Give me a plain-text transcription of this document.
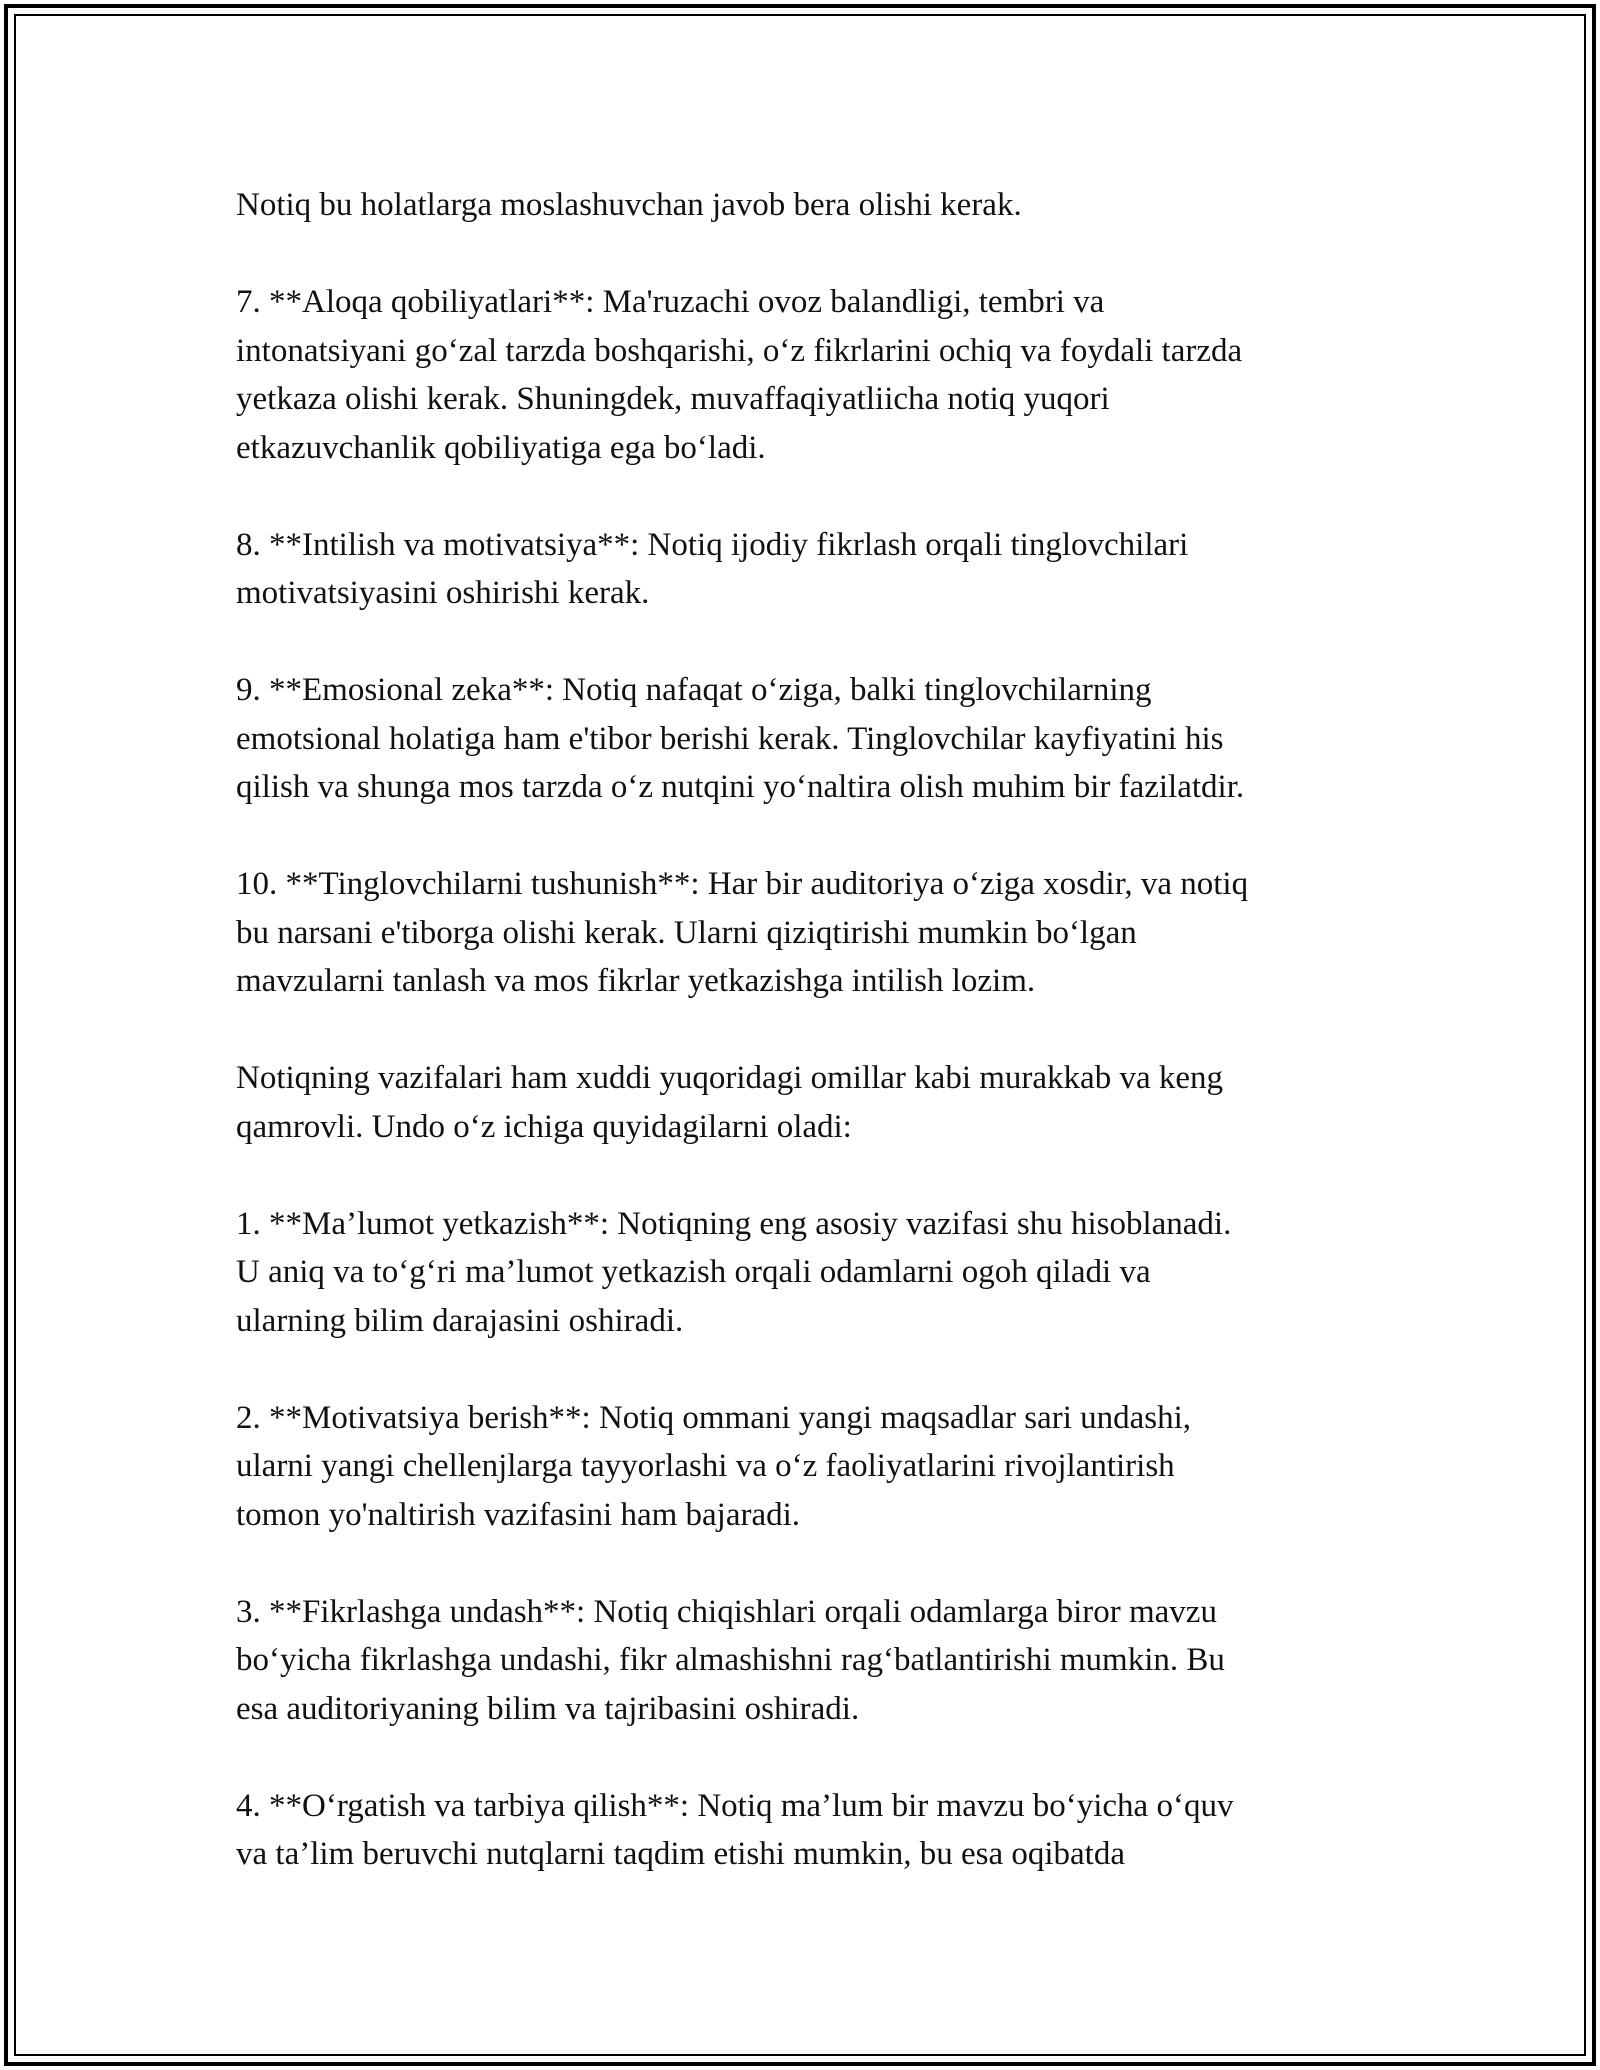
Notiq bu holatlarga moslashuvchan javob bera olishi kerak.

7. **Aloqa qobiliyatlari**: Ma'ruzachi ovoz balandligi, tembri va
intonatsiyani go‘zal tarzda boshqarishi, o‘z fikrlarini ochiq va foydali tarzda
yetkaza olishi kerak. Shuningdek, muvaffaqiyatliicha notiq yuqori
etkazuvchanlik qobiliyatiga ega bo‘ladi.

8. **Intilish va motivatsiya**: Notiq ijodiy fikrlash orqali tinglovchilari
motivatsiyasini oshirishi kerak.

9. **Emosional zeka**: Notiq nafaqat o‘ziga, balki tinglovchilarning
emotsional holatiga ham e'tibor berishi kerak. Tinglovchilar kayfiyatini his
qilish va shunga mos tarzda o‘z nutqini yo‘naltira olish muhim bir fazilatdir.

10. **Tinglovchilarni tushunish**: Har bir auditoriya o‘ziga xosdir, va notiq
bu narsani e'tiborga olishi kerak. Ularni qiziqtirishi mumkin bo‘lgan
mavzularni tanlash va mos fikrlar yetkazishga intilish lozim.

Notiqning vazifalari ham xuddi yuqoridagi omillar kabi murakkab va keng
qamrovli. Undo o‘z ichiga quyidagilarni oladi:

1. **Ma’lumot yetkazish**: Notiqning eng asosiy vazifasi shu hisoblanadi.
U aniq va to‘g‘ri ma’lumot yetkazish orqali odamlarni ogoh qiladi va
ularning bilim darajasini oshiradi.

2. **Motivatsiya berish**: Notiq ommani yangi maqsadlar sari undashi,
ularni yangi chellenjlarga tayyorlashi va o‘z faoliyatlarini rivojlantirish
tomon yo'naltirish vazifasini ham bajaradi.

3. **Fikrlashga undash**: Notiq chiqishlari orqali odamlarga biror mavzu
bo‘yicha fikrlashga undashi, fikr almashishni rag‘batlantirishi mumkin. Bu
esa auditoriyaning bilim va tajribasini oshiradi.

4. **O‘rgatish va tarbiya qilish**: Notiq ma’lum bir mavzu bo‘yicha o‘quv
va ta’lim beruvchi nutqlarni taqdim etishi mumkin, bu esa oqibatda
